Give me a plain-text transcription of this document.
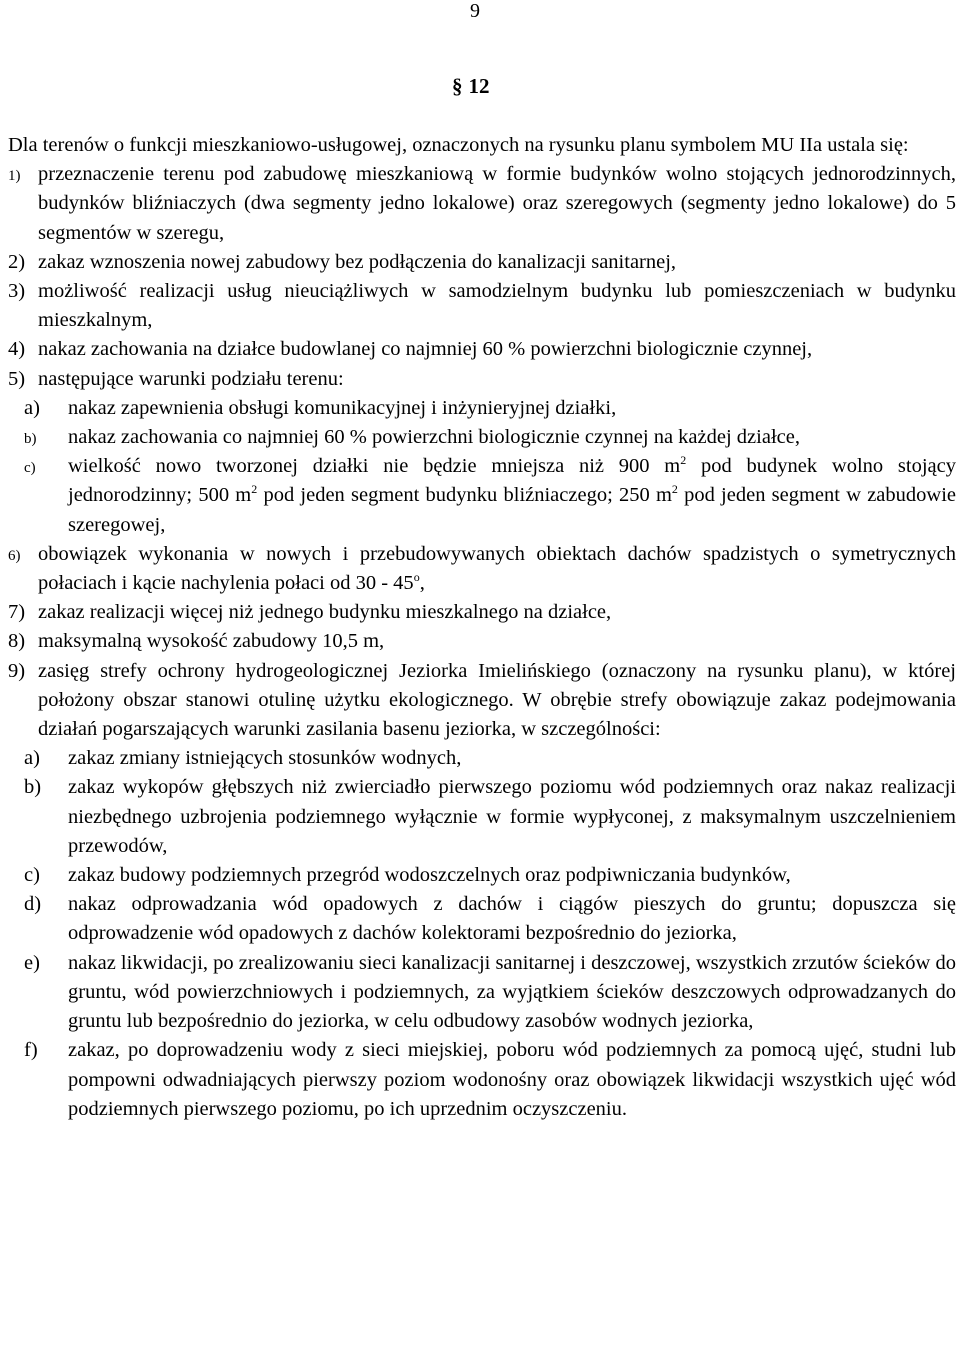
9
§ 12

Dla terenów o funkcji mieszkaniowo-usługowej, oznaczonych na rysunku planu symbolem MU IIa ustala się:

1) przeznaczenie terenu pod zabudowę mieszkaniową w formie budynków wolno stojących jednorodzinnych, budynków bliźniaczych (dwa segmenty jedno lokalowe) oraz szeregowych (segmenty jedno lokalowe) do 5 segmentów w szeregu,
2) zakaz wznoszenia nowej zabudowy bez podłączenia do kanalizacji sanitarnej,
3) możliwość realizacji usług nieuciążliwych w samodzielnym budynku lub pomieszczeniach w budynku mieszkalnym,
4) nakaz zachowania na działce budowlanej co najmniej 60 % powierzchni biologicznie czynnej,
5) następujące warunki podziału terenu:
a) nakaz zapewnienia obsługi komunikacyjnej i inżynieryjnej działki,
b) nakaz zachowania co najmniej 60 % powierzchni biologicznie czynnej na każdej działce,
c) wielkość nowo tworzonej działki nie będzie mniejsza niż 900 $m^2$ pod budynek wolno stojący jednorodzinny; 500 $m^2$ pod jeden segment budynku bliźniaczego; 250 $m^2$ pod jeden segment w zabudowie szeregowej,
6) obowiązek wykonania w nowych i przebudowywanych obiektach dachów spadzistych o symetrycznych połaciach i kącie nachylenia połaci od 30 - 45$^o$,
7) zakaz realizacji więcej niż jednego budynku mieszkalnego na działce,
8) maksymalną wysokość zabudowy 10,5 m,
9) zasięg strefy ochrony hydrogeologicznej Jeziorka Imielińskiego (oznaczony na rysunku planu), w której położony obszar stanowi otulinę użytku ekologicznego. W obrębie strefy obowiązuje zakaz podejmowania działań pogarszających warunki zasilania basenu jeziorka, w szczególności:
a) zakaz zmiany istniejących stosunków wodnych,
b) zakaz wykopów głębszych niż zwierciadło pierwszego poziomu wód podziemnych oraz nakaz realizacji niezbędnego uzbrojenia podziemnego wyłącznie w formie wypłyconej, z maksymalnym uszczelnieniem przewodów,
c) zakaz budowy podziemnych przegród wodoszczelnych oraz podpiwniczania budynków,
d) nakaz odprowadzania wód opadowych z dachów i ciągów pieszych do gruntu; dopuszcza się odprowadzenie wód opadowych z dachów kolektorami bezpośrednio do jeziorka,
e) nakaz likwidacji, po zrealizowaniu sieci kanalizacji sanitarnej i deszczowej, wszystkich zrzutów ścieków do gruntu, wód powierzchniowych i podziemnych, za wyjątkiem ścieków deszczowych odprowadzanych do gruntu lub bezpośrednio do jeziorka, w celu odbudowy zasobów wodnych jeziorka,
f) zakaz, po doprowadzeniu wody z sieci miejskiej, poboru wód podziemnych za pomocą ujęć, studni lub pompowni odwadniających pierwszy poziom wodonośny oraz obowiązek likwidacji wszystkich ujęć wód podziemnych pierwszego poziomu, po ich uprzednim oczyszczeniu.
